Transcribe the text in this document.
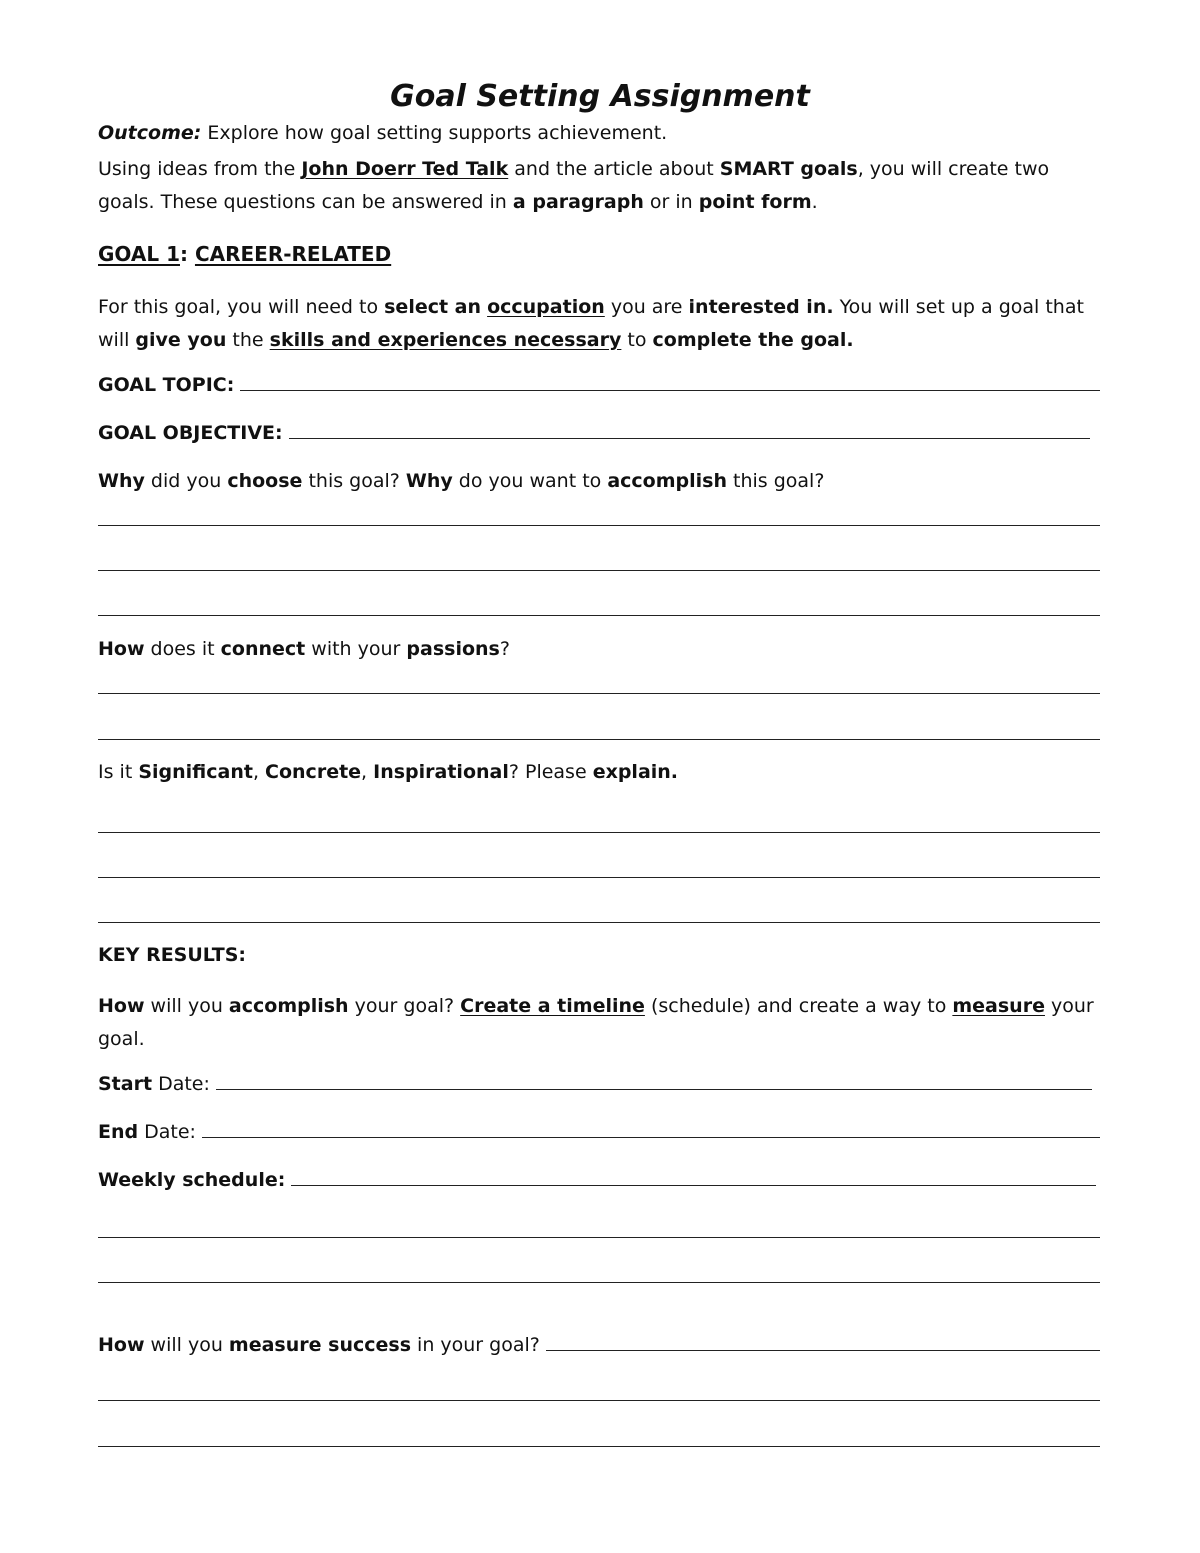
Goal Setting Assignment
Outcome: Explore how goal setting supports achievement.
Using ideas from the John Doerr Ted Talk and the article about SMART goals, you will create two goals. These questions can be answered in a paragraph or in point form.
GOAL 1: CAREER-RELATED
For this goal, you will need to select an occupation you are interested in. You will set up a goal that will give you the skills and experiences necessary to complete the goal.
GOAL TOPIC:
GOAL OBJECTIVE:
Why did you choose this goal? Why do you want to accomplish this goal?
How does it connect with your passions?
Is it Significant, Concrete, Inspirational? Please explain.
KEY RESULTS:
How will you accomplish your goal? Create a timeline (schedule) and create a way to measure your goal.
Start Date:
End Date:
Weekly schedule:
How will you measure success in your goal?
